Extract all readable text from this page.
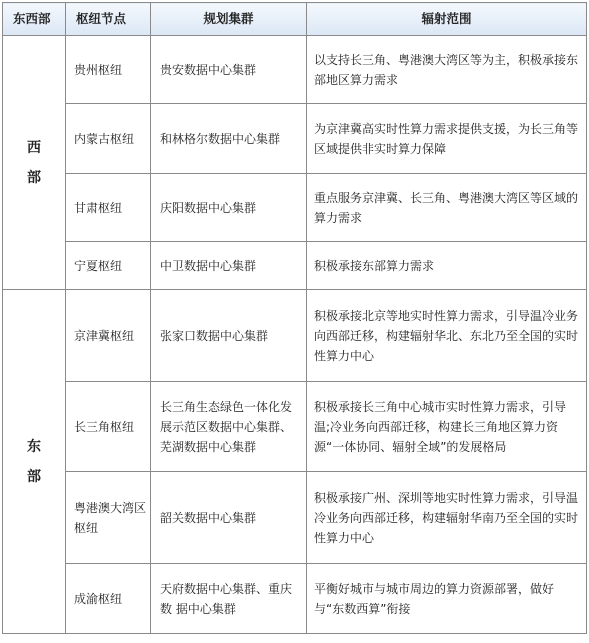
东西部	枢纽节点	规划集群	辐射范围

西
部	贵州枢纽	贵安数据中心集群	以支持长三角、粤港澳大湾区等为主，积极承接东部地区算力需求
	内蒙古枢纽	和林格尔数据中心集群	为京津冀高实时性算力需求提供支援，为长三角等区域提供非实时算力保障
	甘肃枢纽	庆阳数据中心集群	重点服务京津冀、长三角、粤港澳大湾区等区域的算力需求
	宁夏枢纽	中卫数据中心集群	积极承接东部算力需求

东
部	京津冀枢纽	张家口数据中心集群	积极承接北京等地实时性算力需求，引导温冷业务向西部迁移，构建辐射华北、东北乃至全国的实时性算力中心
	长三角枢纽	长三角生态绿色一体化发展示范区数据中心集群、芜湖数据中心集群	积极承接长三角中心城市实时性算力需求，引导温;冷业务向西部迁移，构建长三角地区算力资源“一体协同、辐射全域”的发展格局
	粤港澳大湾区枢纽	韶关数据中心集群	积极承接广州、深圳等地实时性算力需求，引导温冷业务向西部迁移，构建辐射华南乃至全国的实时性算力中心
	成渝枢纽	天府数据中心集群、重庆数 据中心集群	平衡好城市与城市周边的算力资源部署，做好与“东数西算”衔接
